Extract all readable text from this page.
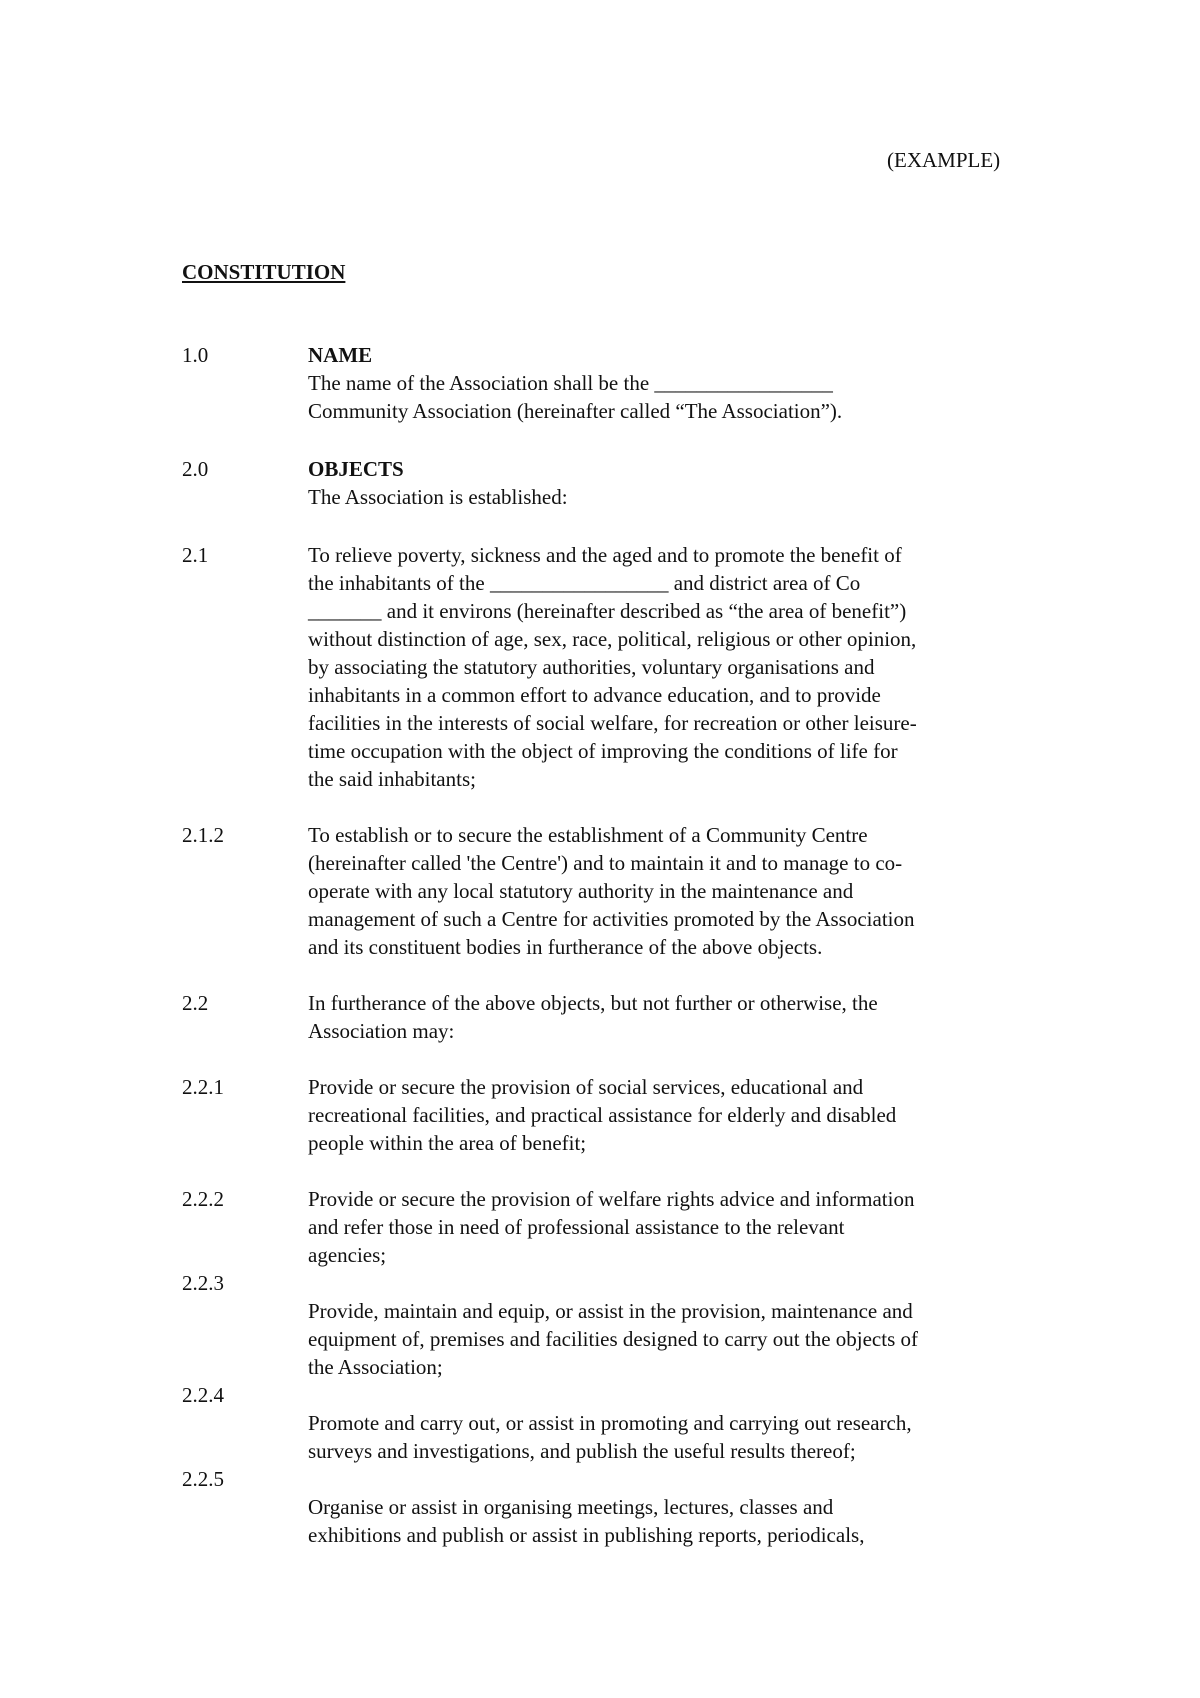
(EXAMPLE)
CONSTITUTION
1.0	NAME
The name of the Association shall be the _________________
Community Association (hereinafter called “The Association”).
2.0	OBJECTS
The Association is established:
2.1	To relieve poverty, sickness and the aged and to promote the benefit of
the inhabitants of the _________________ and district area of Co
_______ and it environs (hereinafter described as “the area of benefit”)
without distinction of age, sex, race, political, religious or other opinion,
by associating the statutory authorities, voluntary organisations and
inhabitants in a common effort to advance education, and to provide
facilities in the interests of social welfare, for recreation or other leisure-
time occupation with the object of improving the conditions of life for
the said inhabitants;
2.1.2	To establish or to secure the establishment of a Community Centre
(hereinafter called 'the Centre') and to maintain it and to manage to co-
operate with any local statutory authority in the maintenance and
management of such a Centre for activities promoted by the Association
and its constituent bodies in furtherance of the above objects.
2.2	In furtherance of the above objects, but not further or otherwise, the
Association may:
2.2.1	Provide or secure the provision of social services, educational and
recreational facilities, and practical assistance for elderly and disabled
people within the area of benefit;
2.2.2	Provide or secure the provision of welfare rights advice and information
and refer those in need of professional assistance to the relevant
agencies;
2.2.3
Provide, maintain and equip, or assist in the provision, maintenance and
equipment of, premises and facilities designed to carry out the objects of
the Association;
2.2.4
Promote and carry out, or assist in promoting and carrying out research,
surveys and investigations, and publish the useful results thereof;
2.2.5
Organise or assist in organising meetings, lectures, classes and
exhibitions and publish or assist in publishing reports, periodicals,
